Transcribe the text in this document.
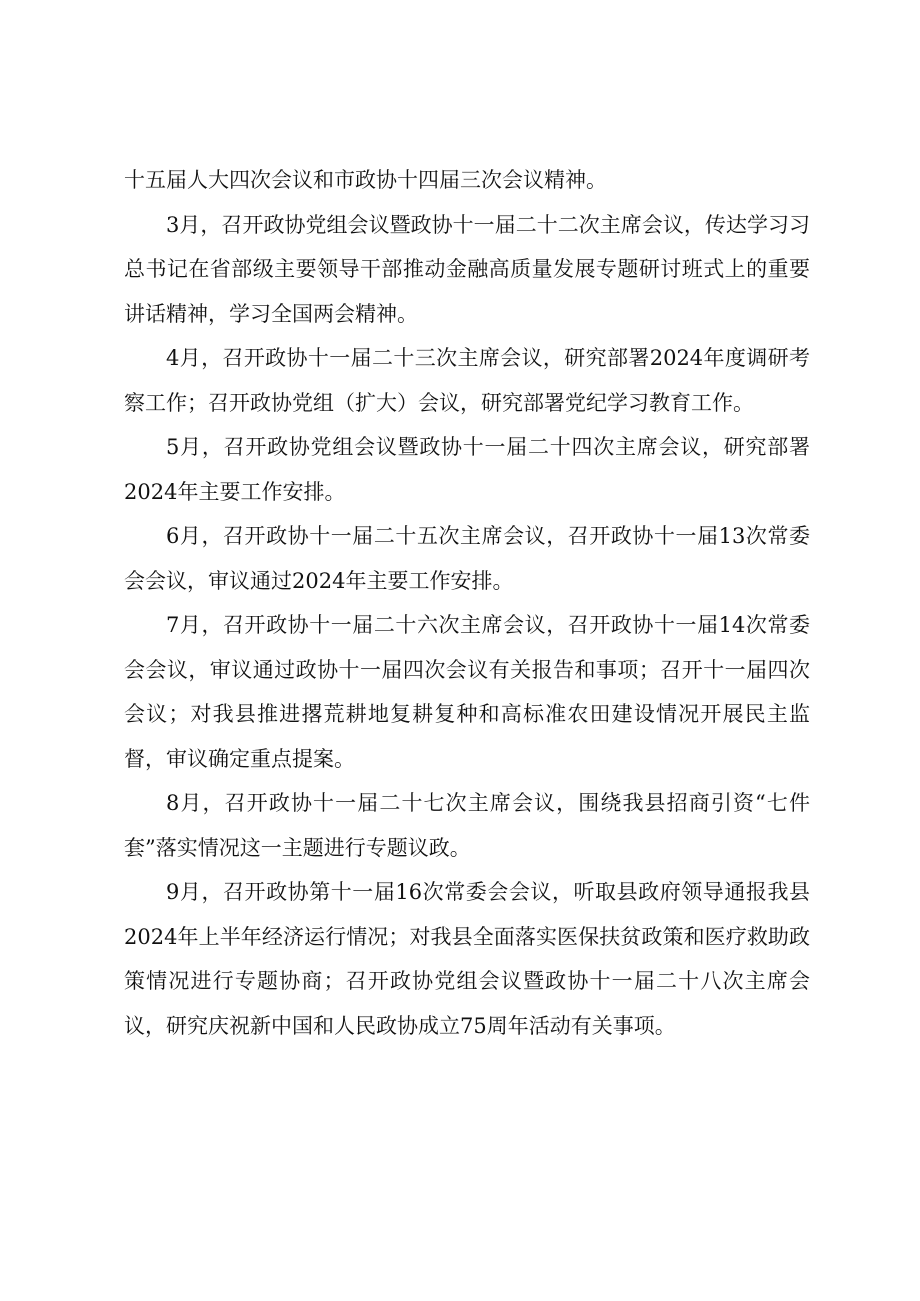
十五届人大四次会议和市政协十四届三次会议精神。

3月，召开政协党组会议暨政协十一届二十二次主席会议，传达学习习总书记在省部级主要领导干部推动金融高质量发展专题研讨班式上的重要讲话精神，学习全国两会精神。

4月，召开政协十一届二十三次主席会议，研究部署2024年度调研考察工作；召开政协党组（扩大）会议，研究部署党纪学习教育工作。

5月，召开政协党组会议暨政协十一届二十四次主席会议，研究部署2024年主要工作安排。

6月，召开政协十一届二十五次主席会议，召开政协十一届13次常委会会议，审议通过2024年主要工作安排。

7月，召开政协十一届二十六次主席会议，召开政协十一届14次常委会会议，审议通过政协十一届四次会议有关报告和事项；召开十一届四次会议；对我县推进撂荒耕地复耕复种和高标准农田建设情况开展民主监督，审议确定重点提案。

8月，召开政协十一届二十七次主席会议，围绕我县招商引资“七件套”落实情况这一主题进行专题议政。

9月，召开政协第十一届16次常委会会议，听取县政府领导通报我县2024年上半年经济运行情况；对我县全面落实医保扶贫政策和医疗救助政策情况进行专题协商；召开政协党组会议暨政协十一届二十八次主席会议，研究庆祝新中国和人民政协成立75周年活动有关事项。
